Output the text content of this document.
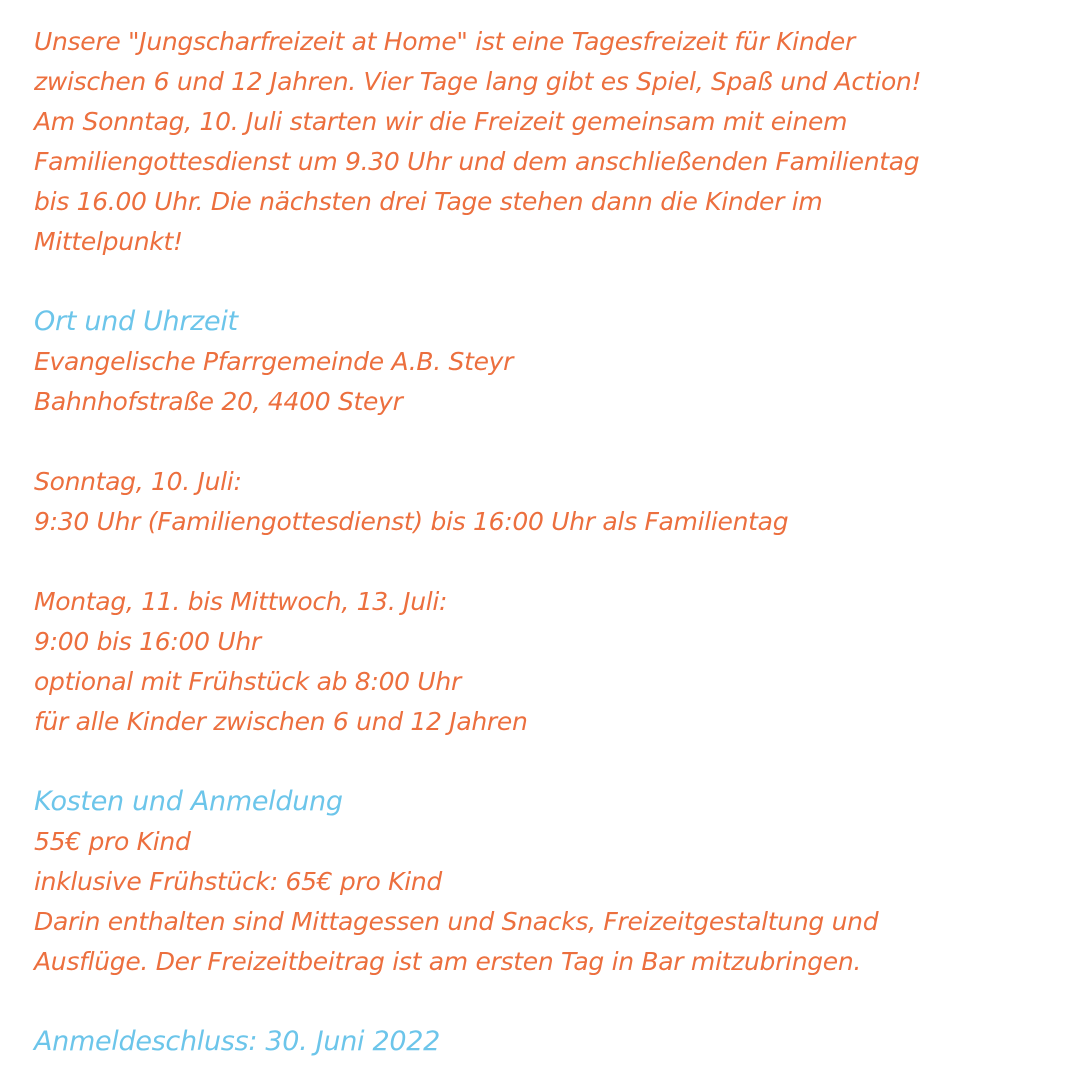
Unsere "Jungscharfreizeit at Home" ist eine Tagesfreizeit für Kinder
zwischen 6 und 12 Jahren. Vier Tage lang gibt es Spiel, Spaß und Action!
Am Sonntag, 10. Juli starten wir die Freizeit gemeinsam mit einem
Familiengottesdienst um 9.30 Uhr und dem anschließenden Familientag
bis 16.00 Uhr. Die nächsten drei Tage stehen dann die Kinder im
Mittelpunkt!
Ort und Uhrzeit
Evangelische Pfarrgemeinde A.B. Steyr
Bahnhofstraße 20, 4400 Steyr
Sonntag, 10. Juli:
9:30 Uhr (Familiengottesdienst) bis 16:00 Uhr als Familientag
Montag, 11. bis Mittwoch, 13. Juli:
9:00 bis 16:00 Uhr
optional mit Frühstück ab 8:00 Uhr
für alle Kinder zwischen 6 und 12 Jahren
Kosten und Anmeldung
55€ pro Kind
inklusive Frühstück: 65€ pro Kind
Darin enthalten sind Mittagessen und Snacks, Freizeitgestaltung und
Ausflüge. Der Freizeitbeitrag ist am ersten Tag in Bar mitzubringen.
Anmeldeschluss: 30. Juni 2022
